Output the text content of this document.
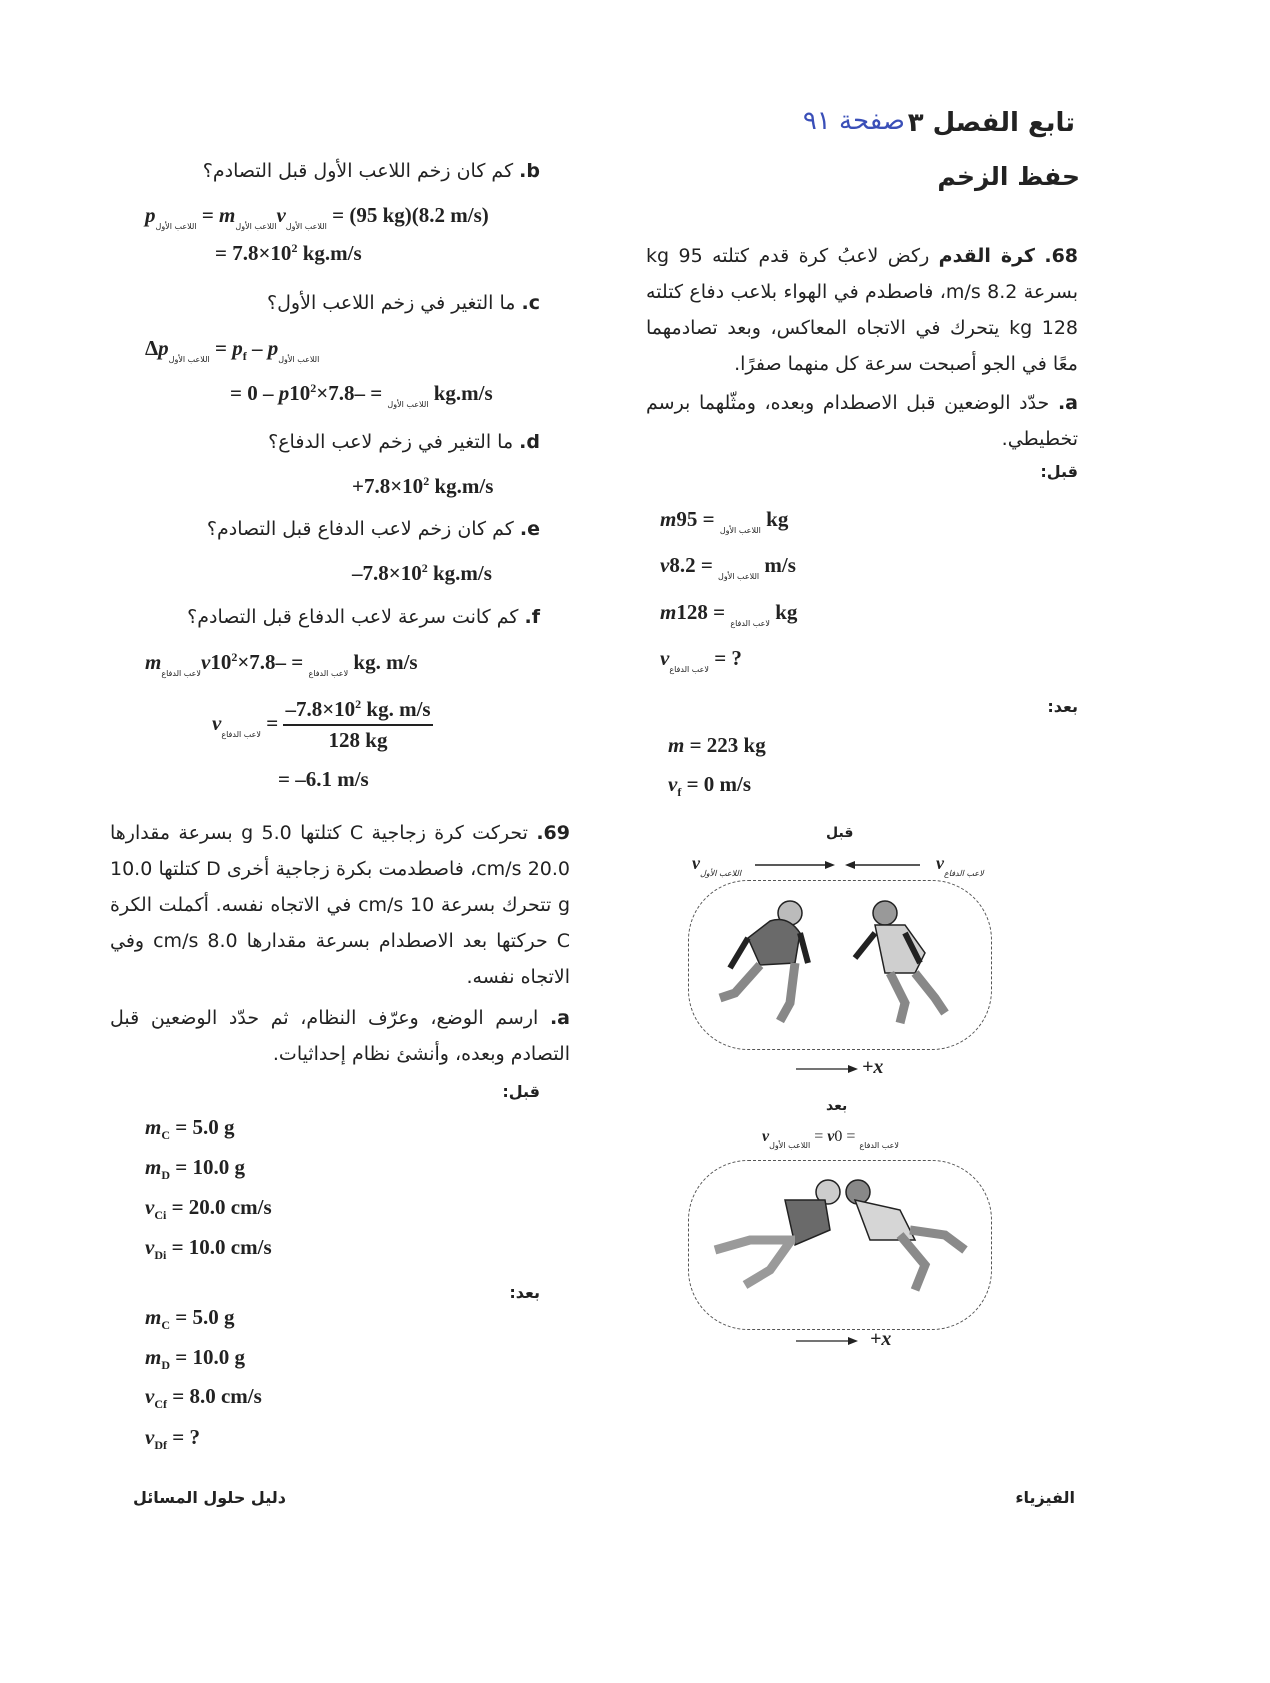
تابع الفصل ٣
صفحة ٩١
حفظ الزخم
68. كرة القدم ركض لاعبُ كرة قدم كتلته 95 kg بسرعة 8.2 m/s، فاصطدم في الهواء بلاعب دفاع كتلته 128 kg يتحرك في الاتجاه المعاكس، وبعد تصادمهما معًا في الجو أصبحت سرعة كل منهما صفرًا.
a. حدّد الوضعين قبل الاصطدام وبعده، ومثّلهما برسم تخطيطي.
قبل:
m	$_{اللاعب الأول}$ = 95 kg
v	$_{اللاعب الأول}$ = 8.2 m/s
m	$_{لاعب الدفاع}$ = 128 kg
$v_{لاعب الدفاع}$ = ?
بعد:
m = 223 kg
$v_f = 0$ m/s
b. كم كان زخم اللاعب الأول قبل التصادم؟
$p_{اللاعب الأول} = m_{اللاعب الأول}v_{اللاعب الأول} = (95$ kg)(8.2 m/s)
= $7.8\times 10^2$ kg.m/s
c. ما التغير في زخم اللاعب الأول؟
$\Delta p_{اللاعب الأول} = p_f - p_{اللاعب الأول}$
= 0 – p	$_{اللاعب الأول} = -7.8\times 10^2$	kg.m/s
d. ما التغير في زخم لاعب الدفاع؟
$+7.8\times 10^2$ kg.m/s
e. كم كان زخم لاعب الدفاع قبل التصادم؟
$-7.8\times 10^2$ kg.m/s
f. كم كانت سرعة لاعب الدفاع قبل التصادم؟
$m_{لاعب الدفاع}v$	$_{لاعب الدفاع} = -7.8\times 10^2$	kg. m/s
$v_{لاعب الدفاع} = \frac{-7.8\times 10^2 kg. m/s}{128 kg}$
= –6.1 m/s
قبل
$v_{اللاعب الأول}$
$v_{لاعب الدفاع}$
+x
بعد
$v_{اللاعب الأول} = v_{لاعب الدفاع} = 0$
+x
69. تحركت كرة زجاجية C كتلتها 5.0 g بسرعة مقدارها 20.0 cm/s، فاصطدمت بكرة زجاجية أخرى D كتلتها 10.0 g تتحرك بسرعة 10 cm/s في الاتجاه نفسه. أكملت الكرة C حركتها بعد الاصطدام بسرعة مقدارها 8.0 cm/s وفي الاتجاه نفسه.
a. ارسم الوضع، وعرّف النظام، ثم حدّد الوضعين قبل التصادم وبعده، وأنشئ نظام إحداثيات.
قبل:
$m_C = 5.0$ g
$m_D = 10.0$ g
$v_{Ci} = 20.0$ cm/s
$v_{Di} = 10.0$ cm/s
بعد:
$m_C = 5.0$ g
$m_D = 10.0$ g
$v_{Cf} = 8.0$ cm/s
$v_{Df}$ = ?
الفيزياء
دليل حلول المسائل
